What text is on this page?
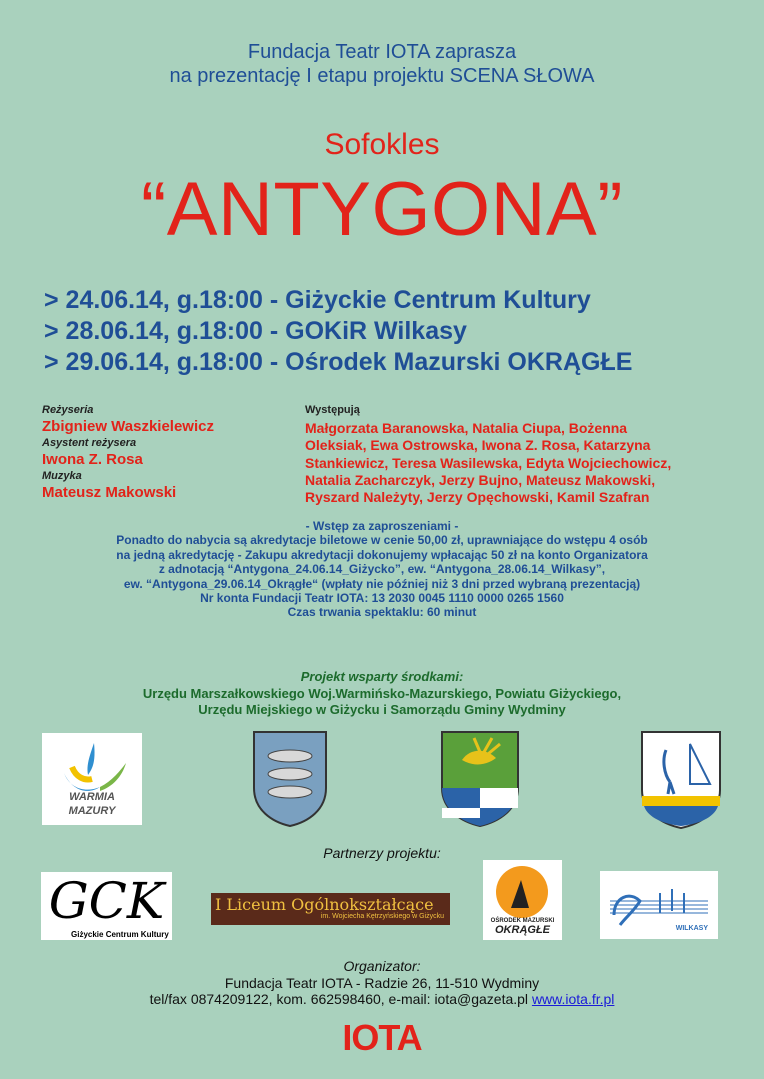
Fundacja Teatr IOTA zaprasza
na prezentację I etapu projektu SCENA SŁOWA
Sofokles
“ANTYGONA”
> 24.06.14, g.18:00 - Giżyckie Centrum Kultury
> 28.06.14, g.18:00 - GOKiR Wilkasy
> 29.06.14, g.18:00 - Ośrodek Mazurski OKRĄGŁE
Reżyseria
Zbigniew Waszkielewicz
Asystent reżysera
Iwona Z. Rosa
Muzyka
Mateusz Makowski
Występują
Małgorzata Baranowska, Natalia Ciupa, Bożenna
Oleksiak, Ewa Ostrowska, Iwona Z. Rosa, Katarzyna
Stankiewicz, Teresa Wasilewska, Edyta Wojciechowicz,
Natalia Zacharczyk, Jerzy Bujno, Mateusz Makowski,
Ryszard Należyty, Jerzy Opęchowski, Kamil Szafran
- Wstęp za zaproszeniami -
Ponadto do nabycia są akredytacje biletowe w cenie 50,00 zł, uprawniające do wstępu 4 osób
na jedną akredytację - Zakupu akredytacji dokonujemy wpłacając 50 zł na konto Organizatora
z adnotacją “Antygona_24.06.14_Giżycko”, ew. “Antygona_28.06.14_Wilkasy”,
ew. “Antygona_29.06.14_Okrągłe“ (wpłaty nie później niż 3 dni przed wybraną prezentacją)
Nr konta Fundacji Teatr IOTA: 13 2030 0045 1110 0000 0265 1560
Czas trwania spektaklu: 60 minut
Projekt wsparty środkami:
Urzędu Marszałkowskiego Woj.Warmińsko-Mazurskiego, Powiatu Giżyckiego,
Urzędu Miejskiego w Giżycku i Samorządu Gminy Wydminy
WARMIA
MAZURY
Partnerzy projektu:
GCK
Giżyckie Centrum Kultury
I Liceum Ogólnokształcące
im. Wojciecha Kętrzyńskiego w Giżycku
OŚRODEK MAZURSKI
OKRĄGŁE	WILKASY
Organizator:
Fundacja Teatr IOTA - Radzie 26, 11-510 Wydminy
tel/fax 0874209122, kom. 662598460, e-mail: iota@gazeta.pl www.iota.fr.pl
IOTA
